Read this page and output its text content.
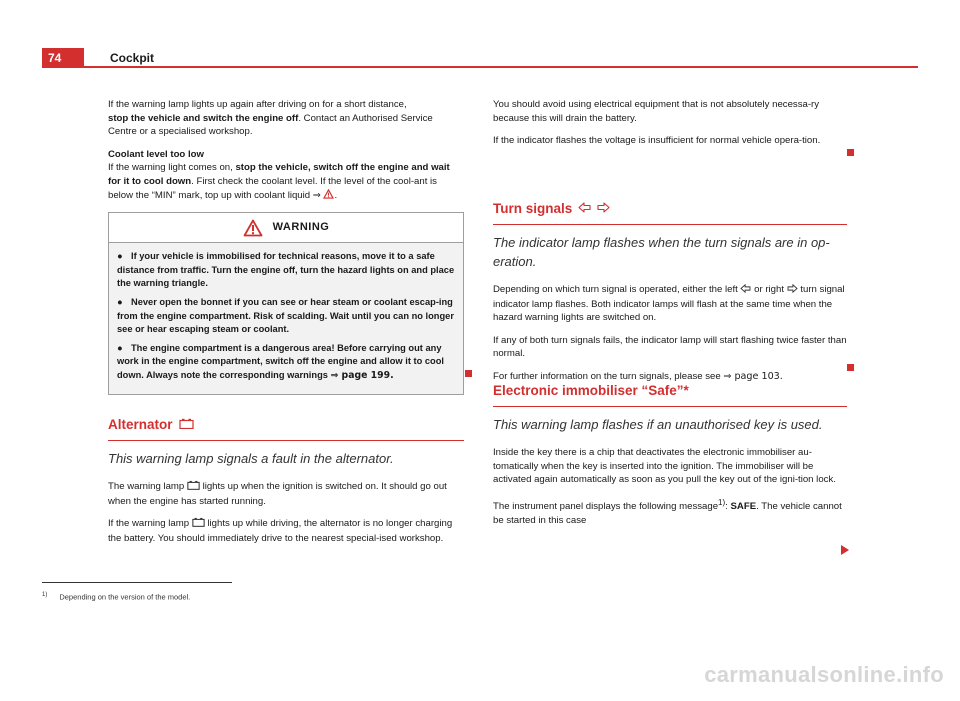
74	Cockpit

If the warning lamp lights up again after driving on for a short distance,
stop the vehicle and switch the engine off. Contact an Authorised Service Centre or a specialised workshop.

Coolant level too low

If the warning light comes on, stop the vehicle, switch off the engine and wait for it to cool down. First check the coolant level. If the level of the cool-ant is below the “MIN” mark, top up with coolant liquid ⇒ .

WARNING
● If your vehicle is immobilised for technical reasons, move it to a safe distance from traffic. Turn the engine off, turn the hazard lights on and place the warning triangle.
● Never open the bonnet if you can see or hear steam or coolant escap-ing from the engine compartment. Risk of scalding. Wait until you can no longer see or hear escaping steam or coolant.
● The engine compartment is a dangerous area! Before carrying out any work in the engine compartment, switch off the engine and allow it to cool down. Always note the corresponding warnings ⇒ page 199.
Alternator
This warning lamp signals a fault in the alternator.

The warning lamp  lights up when the ignition is switched on. It should go out when the engine has started running.

If the warning lamp  lights up while driving, the alternator is no longer charging the battery. You should immediately drive to the nearest special-ised workshop.

You should avoid using electrical equipment that is not absolutely necessa-ry because this will drain the battery.

If the indicator flashes the voltage is insufficient for normal vehicle opera-tion.

Turn signals
The indicator lamp flashes when the turn signals are in op-eration.

Depending on which turn signal is operated, either the left  or right  turn signal indicator lamp flashes. Both indicator lamps will flash at the same time when the hazard warning lights are switched on.

If any of both turn signals fails, the indicator lamp will start flashing twice faster than normal.

For further information on the turn signals, please see ⇒ page 103.

Electronic immobiliser “Safe”*
This warning lamp flashes if an unauthorised key is used.

Inside the key there is a chip that deactivates the electronic immobiliser au-tomatically when the key is inserted into the ignition. The immobiliser will be activated again automatically as soon as you pull the key out of the igni-tion lock.

The instrument panel displays the following message$^{1)}$: SAFE. The vehicle cannot be started in this case

$^{1)}$ Depending on the version of the model.
carmanualsonline.info
